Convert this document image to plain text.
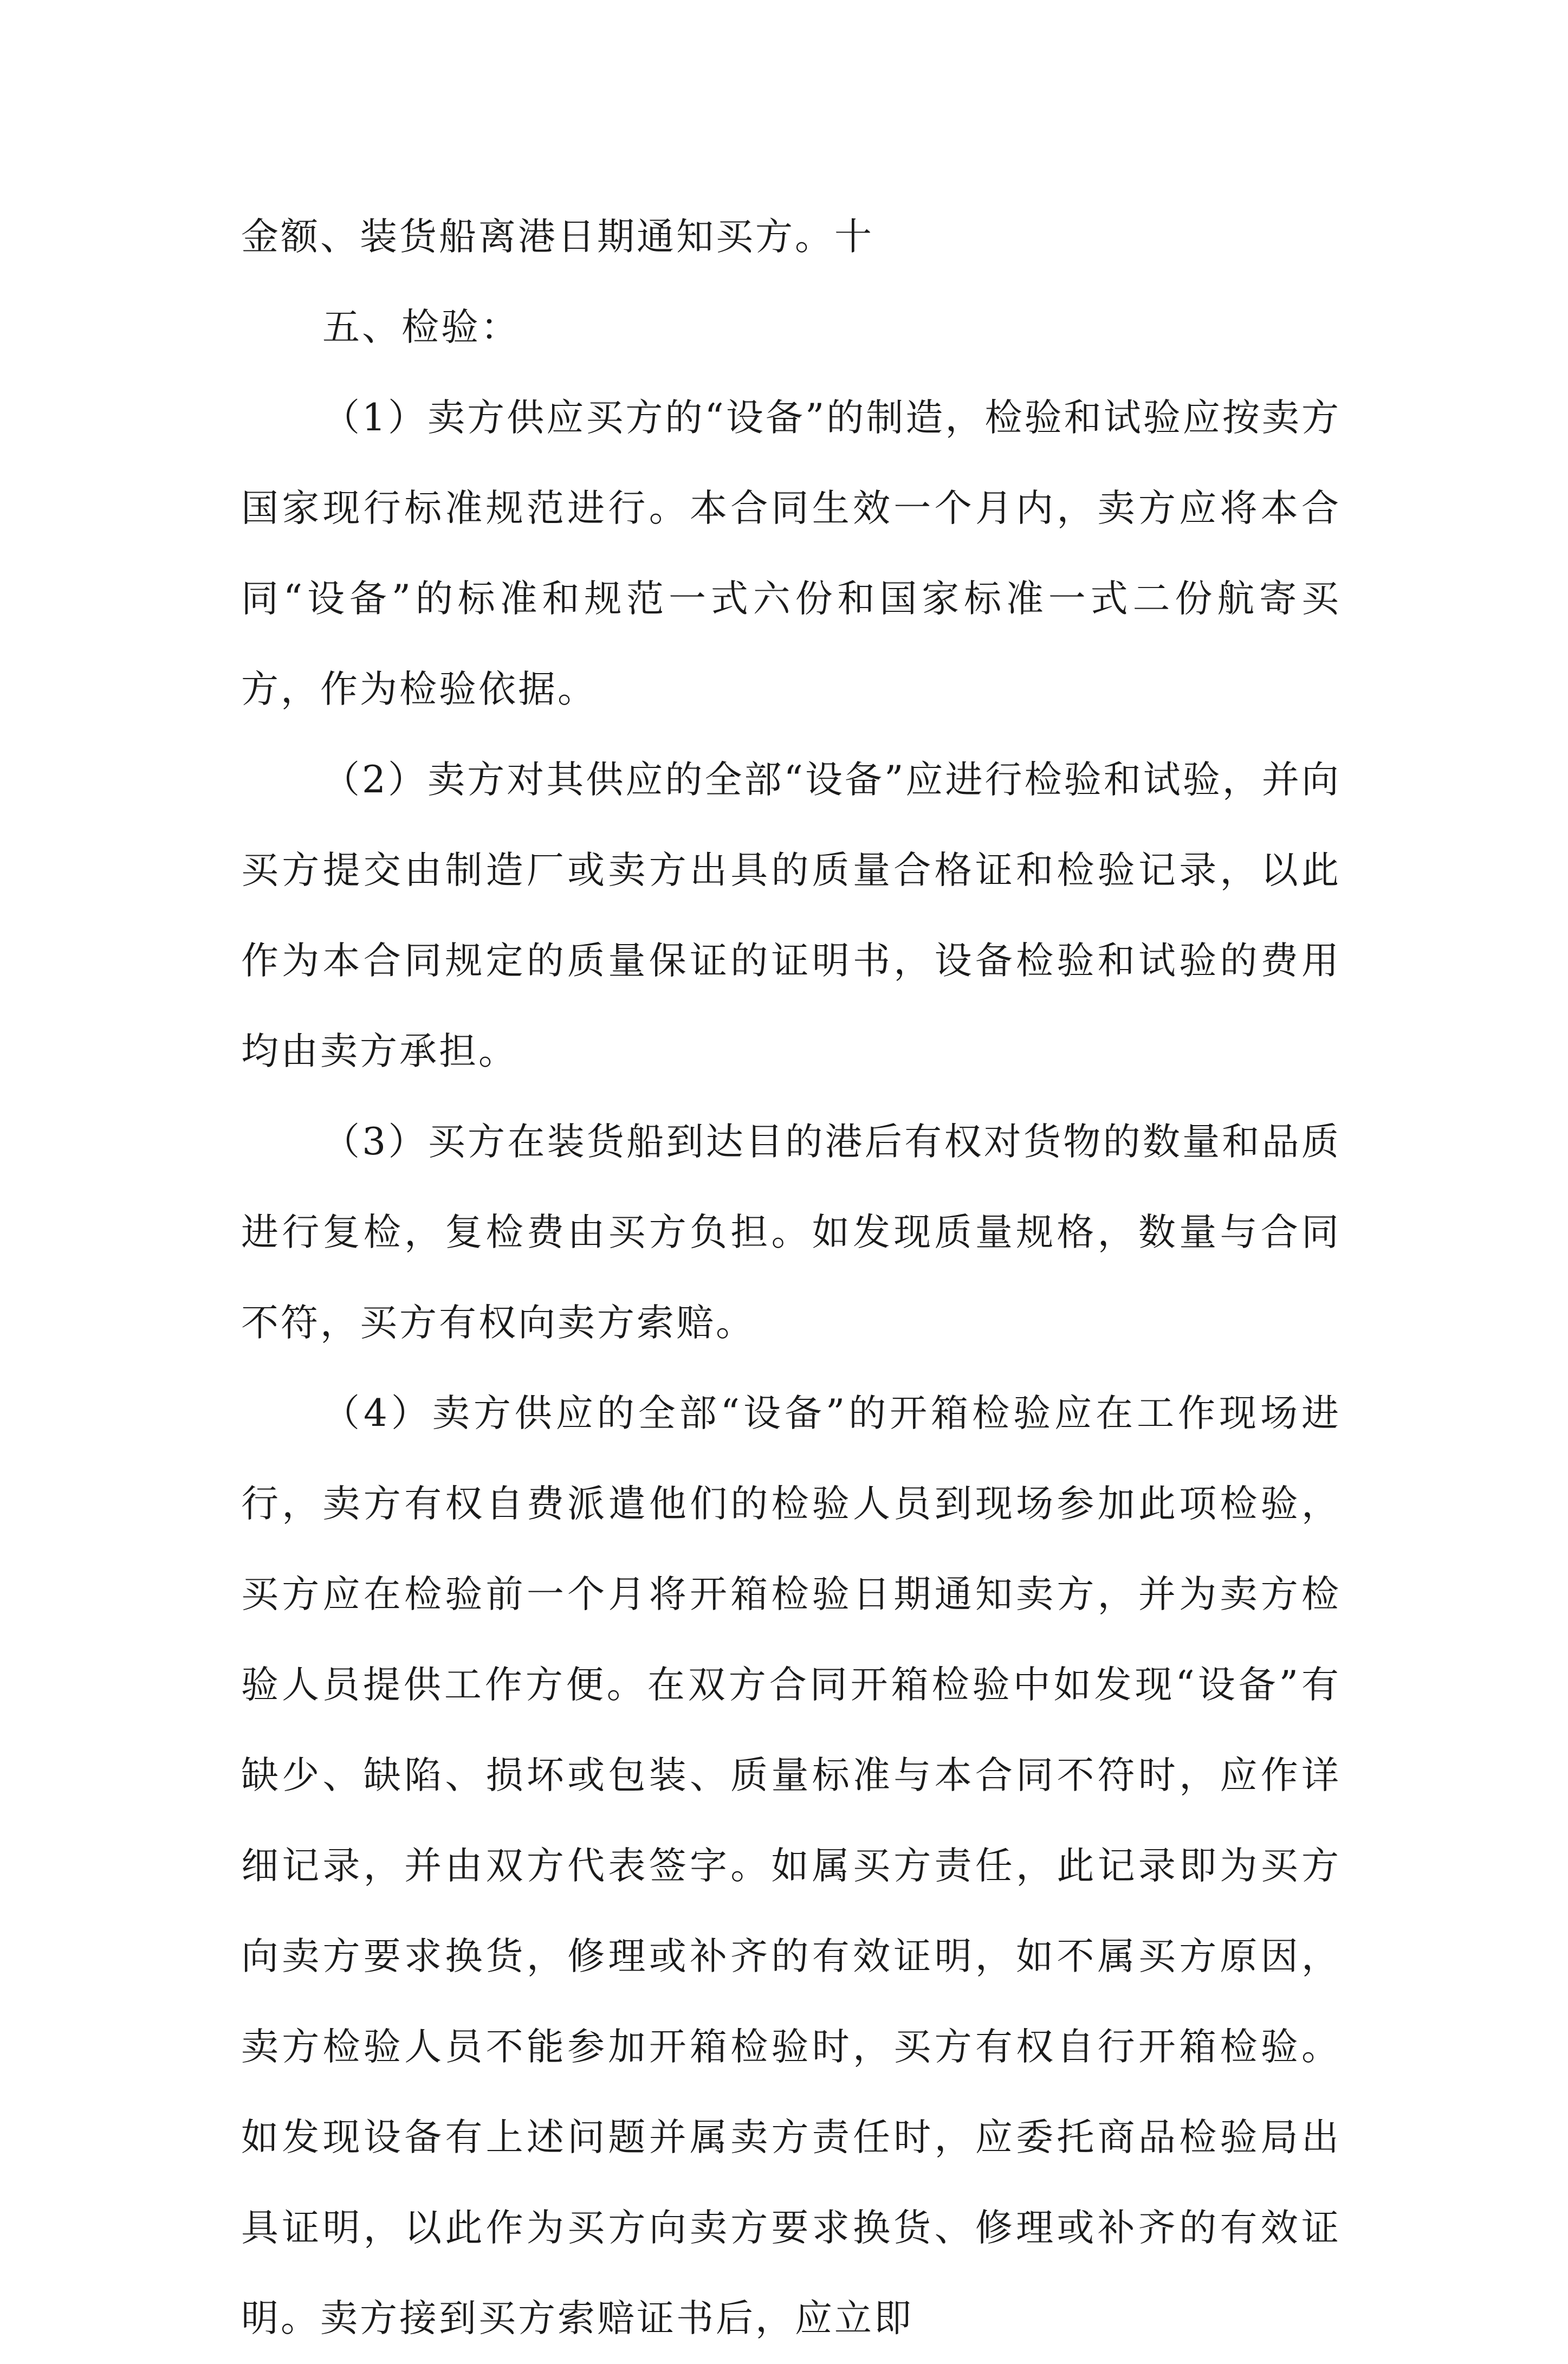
金额、装货船离港日期通知买方。十

五、检验：

（1）卖方供应买方的“设备”的制造，检验和试验应按卖方国家现行标准规范进行。本合同生效一个月内，卖方应将本合同“设备”的标准和规范一式六份和国家标准一式二份航寄买方，作为检验依据。

（2）卖方对其供应的全部“设备”应进行检验和试验，并向买方提交由制造厂或卖方出具的质量合格证和检验记录，以此作为本合同规定的质量保证的证明书，设备检验和试验的费用均由卖方承担。

（3）买方在装货船到达目的港后有权对货物的数量和品质进行复检，复检费由买方负担。如发现质量规格，数量与合同不符，买方有权向卖方索赔。

（4）卖方供应的全部“设备”的开箱检验应在工作现场进行，卖方有权自费派遣他们的检验人员到现场参加此项检验，买方应在检验前一个月将开箱检验日期通知卖方，并为卖方检验人员提供工作方便。在双方合同开箱检验中如发现“设备”有缺少、缺陷、损坏或包装、质量标准与本合同不符时，应作详细记录，并由双方代表签字。如属买方责任，此记录即为买方向卖方要求换货，修理或补齐的有效证明，如不属买方原因，卖方检验人员不能参加开箱检验时，买方有权自行开箱检验。如发现设备有上述问题并属卖方责任时，应委托商品检验局出具证明，以此作为买方向卖方要求换货、修理或补齐的有效证明。卖方接到买方索赔证书后，应立即
